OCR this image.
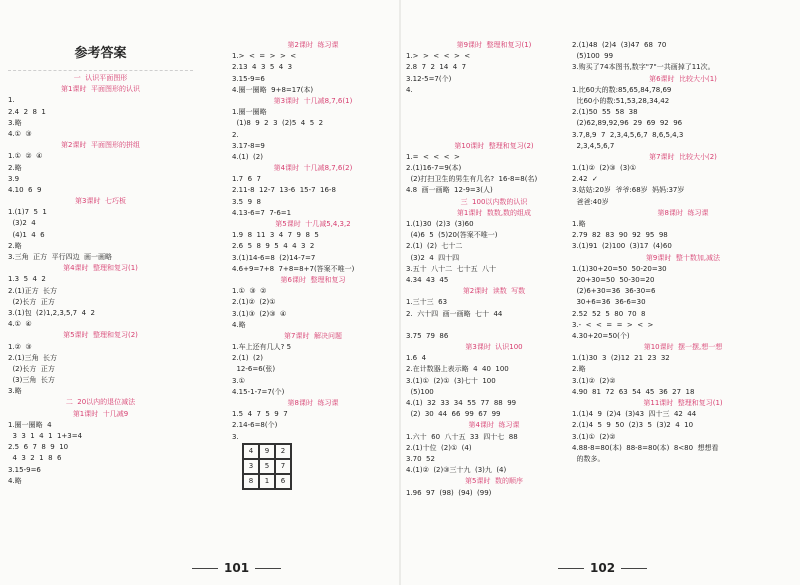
参考答案
一  认识平面图形
第1课时  平面图形的认识
1.
2.4  2  8  1
3.略
4.①  ③
第2课时  平面图形的拼组
1.①  ②  ④
2.略
3.9
4.10  6  9
第3课时  七巧板
1.(1)7  5  1
(3)2  4
(4)1  4  6
2.略
3.三角  正方  平行四边  画一画略
第4课时  整理和复习(1)
1.3  5  4  2
2.(1)正方  长方
(2)长方  正方
3.(1)包  (2)1,2,3,5,7  4  2
4.①  ④
第5课时  整理和复习(2)
1.②  ③
2.(1)三角  长方
(2)长方  正方
(3)三角  长方
3.略
二  20以内的退位减法
第1课时  十几减9
1.圈一圈略  4
3  3  1  4  1  1+3=4
2.5  6  7  8  9  10
4  3  2  1  8  6
3.15-9=6
4.略
第2课时  练习课
1.>  <  =  >  >  <
2.13  4  3  5  4  3
3.15-9=6
4.圈一圈略  9+8=17(本)
第3课时  十几减8,7,6(1)
1.圈一圈略
(1)8  9  2  3  (2)5  4  5  2
2.
3.17-8=9
4.(1)  (2)
第4课时  十几减8,7,6(2)
1.7  6  7
2.11-8  12-7  13-6  15-7  16-8
3.5  9  8
4.13-6=7  7-6=1
第5课时  十几减5,4,3,2
1.9  8  11  3  4  7  9  8  5
2.6  5  8  9  5  4  4  3  2
3.(1)14-6=8  (2)14-7=7
4.6+9=7+8  7+8=8+7(答案不唯一)
第6课时  整理和复习
1.①  ③  ②
2.(1)②  (2)①
3.(1)③  (2)③  ④
4.略
第7课时  解决问题
1.车上还有几人? 5
2.(1)  (2)
12-6=6(张)
3.①
4.15-1-7=7(个)
第8课时  练习课
1.5  4  7  5  9  7
2.14-6=8(个)
3.
4	9	2
3	5	7
8	1	6
101
第9课时  整理和复习(1)
1.>  >  <  <  >  <
2.8  7  2  14  4  7
3.12-5=7(个)
4.
第10课时  整理和复习(2)
1.=  <  <  <  >
2.(1)16-7=9(本)
(2)打扫卫生的男生有几名?  16-8=8(名)
4.8  画一画略  12-9=3(人)
三  100以内数的认识
第1课时  数数,数的组成
1.(1)30  (2)3  (3)60
(4)6  5  (5)20(答案不唯一)
2.(1)  (2)  七十二
(3)2  4  四十四
3.五十  八十二  七十五  八十
4.34  43  45
第2课时  读数  写数
1.三十三  63
2.  六十四  画一画略  七十  44
3.75  79  86
第3课时  认识100
1.6  4
2.在计数器上表示略  4  40  100
3.(1)①  (2)①  (3)七十  100
(5)100
4.(1)  32  33  34  55  77  88  99
(2)  30  44  66  99  67  99
第4课时  练习课
1.六十  60  八十五  33  四十七  88
2.(1)十位  (2)①  (4)
3.70  52
4.(1)②  (2)③三十九  (3)九  (4)
第5课时  数的顺序
1.96  97  (98)  (94)  (99)
2.(1)48  (2)4  (3)47  68  70
(5)100  99
3.购买了74本图书,数字"7"一共画掉了11次。
第6课时  比较大小(1)
1.比60大的数:85,65,84,78,69
比60小的数:51,53,28,34,42
2.(1)50  55  58  38
(2)62,89,92,96  29  69  92  96
3.7,8,9  7  2,3,4,5,6,7  8,6,5,4,3
2,3,4,5,6,7
第7课时  比较大小(2)
1.(1)②  (2)③  (3)①
2.42  ✓
3.姑姑:20岁  爷爷:68岁  妈妈:37岁
爸爸:40岁
第8课时  练习课
1.略
2.79  82  83  90  92  95  98
3.(1)91  (2)100  (3)17  (4)60
第9课时  整十数加,减法
1.(1)30+20=50  50-20=30
20+30=50  50-30=20
(2)6+30=36  36-30=6
30+6=36  36-6=30
2.52  52  5  80  70  8
3.-  <  <  =  =  >  <  >
4.30+20=50(个)
第10课时  摆一摆,想一想
1.(1)30  3  (2)12  21  23  32
2.略
3.(1)②  (2)②
4.90  81  72  63  54  45  36  27  18
第11课时  整理和复习(1)
1.(1)4  9  (2)4  (3)43  四十三  42  44
2.(1)4  5  9  50  (2)3  5  (3)2  4  10
3.(1)①  (2)②
4.88-8=80(本)  88-8=80(本)  8<80  想想看
的数多。
102
